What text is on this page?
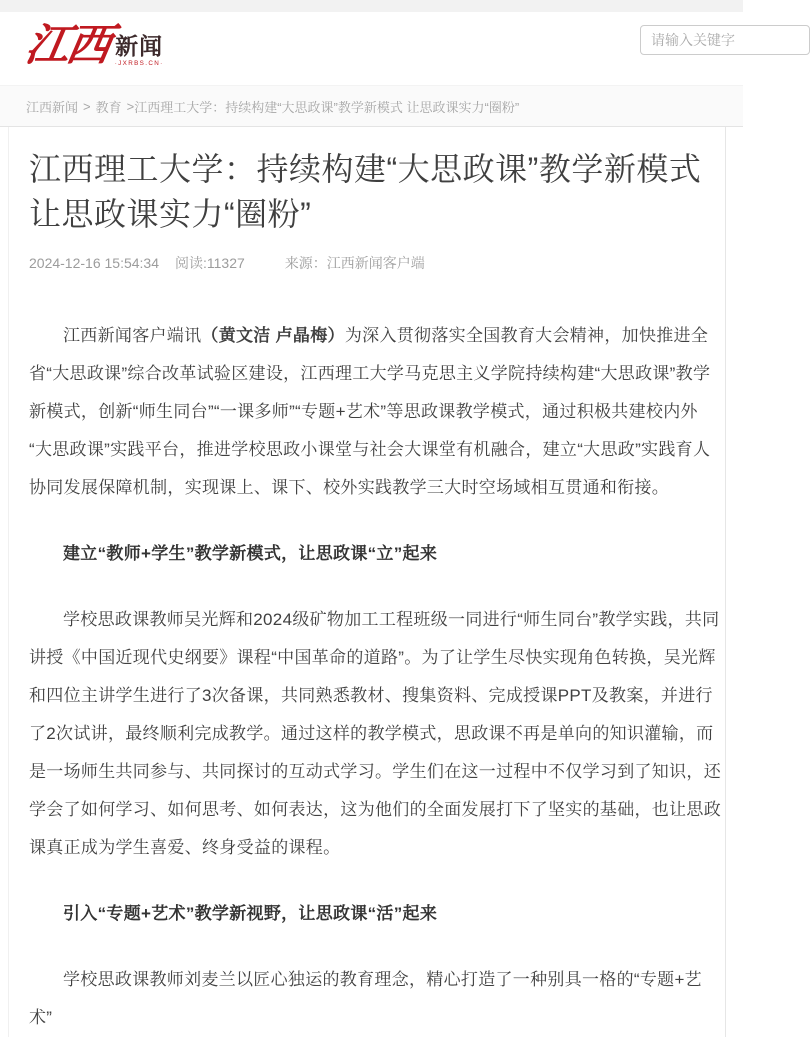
江西 新闻
·JXRBS.CN·
请输入关键字
江西新闻 > 教育 > 江西理工大学：持续构建“大思政课”教学新模式 让思政课实力“圈粉”
江西理工大学：持续构建“大思政课”教学新模式 让思政课实力“圈粉”
2024-12-16 15:54:34 阅读:11327	来源：江西新闻客户端

江西新闻客户端讯（黄文洁 卢晶梅）为深入贯彻落实全国教育大会精神，加快推进全省“大思政课”综合改革试验区建设，江西理工大学马克思主义学院持续构建“大思政课”教学新模式，创新“师生同台”“一课多师”“专题+艺术”等思政课教学模式，通过积极共建校内外“大思政课”实践平台，推进学校思政小课堂与社会大课堂有机融合，建立“大思政”实践育人协同发展保障机制，实现课上、课下、校外实践教学三大时空场域相互贯通和衔接。

建立“教师+学生”教学新模式，让思政课“立”起来

学校思政课教师吴光辉和2024级矿物加工工程班级一同进行“师生同台”教学实践，共同讲授《中国近现代史纲要》课程“中国革命的道路”。为了让学生尽快实现角色转换，吴光辉和四位主讲学生进行了3次备课，共同熟悉教材、搜集资料、完成授课PPT及教案，并进行了2次试讲，最终顺利完成教学。通过这样的教学模式，思政课不再是单向的知识灌输，而是一场师生共同参与、共同探讨的互动式学习。学生们在这一过程中不仅学习到了知识，还学会了如何学习、如何思考、如何表达，这为他们的全面发展打下了坚实的基础，也让思政课真正成为学生喜爱、终身受益的课程。

引入“专题+艺术”教学新视野，让思政课“活”起来

学校思政课教师刘麦兰以匠心独运的教育理念，精心打造了一种别具一格的“专题+艺术”
